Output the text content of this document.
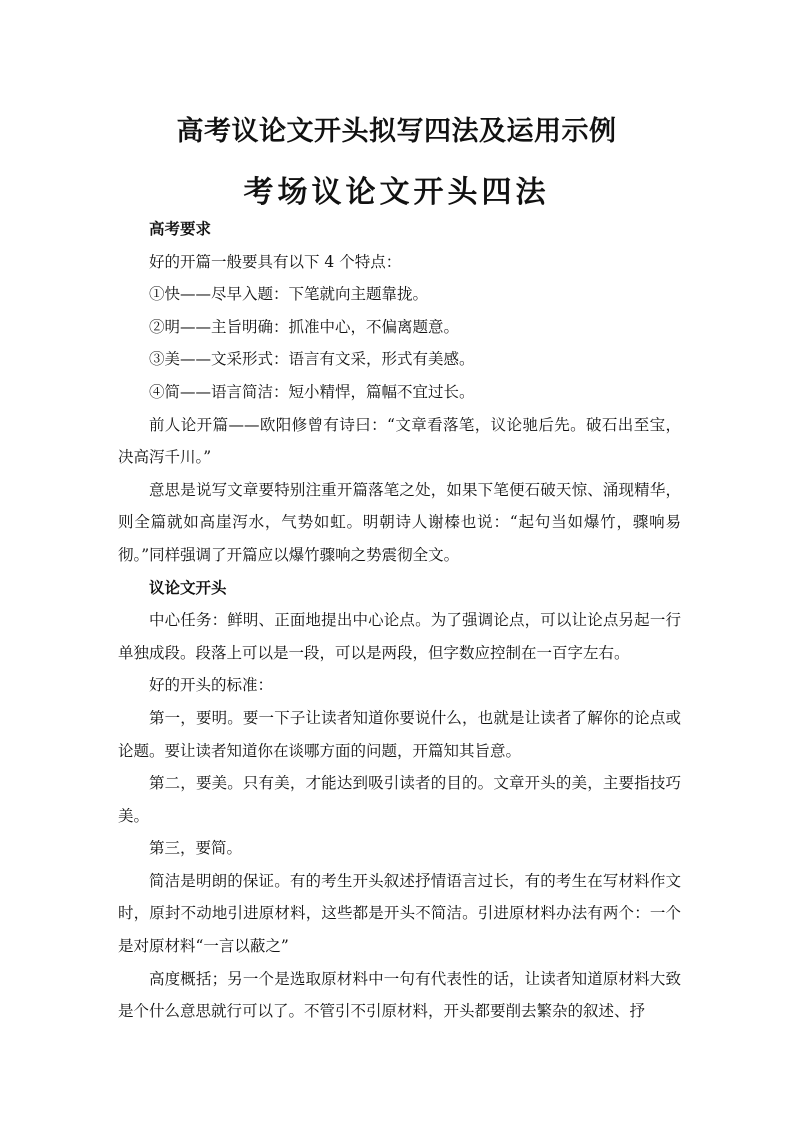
高考议论文开头拟写四法及运用示例
考场议论文开头四法

高考要求

好的开篇一般要具有以下 4 个特点：

①快——尽早入题：下笔就向主题靠拢。

②明——主旨明确：抓准中心，不偏离题意。

③美——文采形式：语言有文采，形式有美感。

④简——语言简洁：短小精悍，篇幅不宜过长。

前人论开篇——欧阳修曾有诗曰：“文章看落笔，议论驰后先。破石出至宝，决高泻千川。”

意思是说写文章要特别注重开篇落笔之处，如果下笔便石破天惊、涌现精华，则全篇就如高崖泻水，气势如虹。明朝诗人谢榛也说：“起句当如爆竹，骤响易彻。”同样强调了开篇应以爆竹骤响之势震彻全文。

议论文开头

中心任务：鲜明、正面地提出中心论点。为了强调论点，可以让论点另起一行单独成段。段落上可以是一段，可以是两段，但字数应控制在一百字左右。

好的开头的标准：

第一，要明。要一下子让读者知道你要说什么，也就是让读者了解你的论点或论题。要让读者知道你在谈哪方面的问题，开篇知其旨意。

第二，要美。只有美，才能达到吸引读者的目的。文章开头的美，主要指技巧美。

第三，要简。

简洁是明朗的保证。有的考生开头叙述抒情语言过长，有的考生在写材料作文时，原封不动地引进原材料，这些都是开头不简洁。引进原材料办法有两个：一个是对原材料“一言以蔽之”

高度概括；另一个是选取原材料中一句有代表性的话，让读者知道原材料大致是个什么意思就行可以了。不管引不引原材料，开头都要削去繁杂的叙述、抒
